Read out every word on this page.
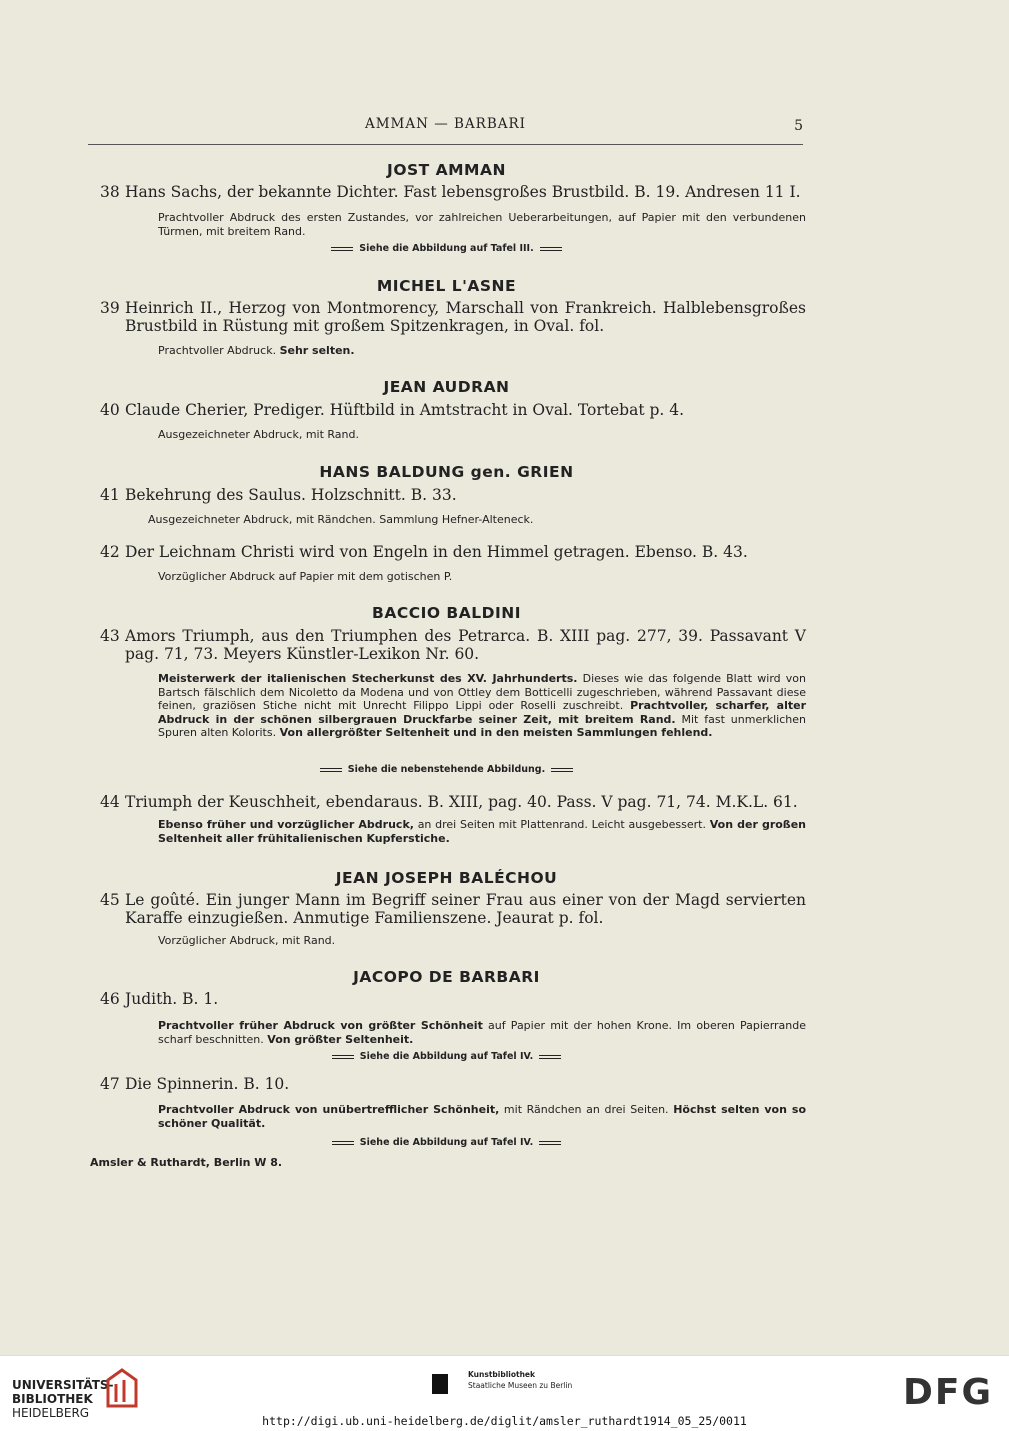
AMMAN — BARBARI	5
JOST AMMAN
38 Hans Sachs, der bekannte Dichter. Fast lebensgroßes Brustbild. B. 19. Andresen 11 I.
Prachtvoller Abdruck des ersten Zustandes, vor zahlreichen Ueberarbeitungen, auf Papier mit den verbundenen Türmen, mit breitem Rand.
Siehe die Abbildung auf Tafel III.
MICHEL L'ASNE
39 Heinrich II., Herzog von Montmorency, Marschall von Frankreich. Halblebensgroßes Brustbild in Rüstung mit großem Spitzenkragen, in Oval. fol.
Prachtvoller Abdruck. Sehr selten.
JEAN AUDRAN
40 Claude Cherier, Prediger. Hüftbild in Amtstracht in Oval. Tortebat p. 4.
Ausgezeichneter Abdruck, mit Rand.
HANS BALDUNG gen. GRIEN
41 Bekehrung des Saulus. Holzschnitt. B. 33.
Ausgezeichneter Abdruck, mit Rändchen. Sammlung Hefner-Alteneck.
42 Der Leichnam Christi wird von Engeln in den Himmel getragen. Ebenso. B. 43.
Vorzüglicher Abdruck auf Papier mit dem gotischen P.
BACCIO BALDINI
43 Amors Triumph, aus den Triumphen des Petrarca. B. XIII pag. 277, 39. Passavant V pag. 71, 73. Meyers Künstler-Lexikon Nr. 60.
Meisterwerk der italienischen Stecherkunst des XV. Jahrhunderts. Dieses wie das folgende Blatt wird von Bartsch fälschlich dem Nicoletto da Modena und von Ottley dem Botticelli zugeschrieben, während Passavant diese feinen, graziösen Stiche nicht mit Unrecht Filippo Lippi oder Roselli zuschreibt. Prachtvoller, scharfer, alter Abdruck in der schönen silbergrauen Druckfarbe seiner Zeit, mit breitem Rand. Mit fast unmerklichen Spuren alten Kolorits. Von allergrößter Seltenheit und in den meisten Sammlungen fehlend.
Siehe die nebenstehende Abbildung.
44 Triumph der Keuschheit, ebendaraus. B. XIII, pag. 40. Pass. V pag. 71, 74. M.K.L. 61.
Ebenso früher und vorzüglicher Abdruck, an drei Seiten mit Plattenrand. Leicht ausgebessert. Von der großen Seltenheit aller frühitalienischen Kupferstiche.
JEAN JOSEPH BALÉCHOU
45 Le goûté. Ein junger Mann im Begriff seiner Frau aus einer von der Magd servierten Karaffe einzugießen. Anmutige Familienszene. Jeaurat p. fol.
Vorzüglicher Abdruck, mit Rand.
JACOPO DE BARBARI
46 Judith. B. 1.
Prachtvoller früher Abdruck von größter Schönheit auf Papier mit der hohen Krone. Im oberen Papierrande scharf beschnitten. Von größter Seltenheit.
Siehe die Abbildung auf Tafel IV.
47 Die Spinnerin. B. 10.
Prachtvoller Abdruck von unübertrefflicher Schönheit, mit Rändchen an drei Seiten. Höchst selten von so schöner Qualität.
Siehe die Abbildung auf Tafel IV.
Amsler & Ruthardt, Berlin W 8.
UNIVERSITÄTS-
BIBLIOTHEK
HEIDELBERG
Kunstbibliothek
Staatliche Museen zu Berlin	DFG
http://digi.ub.uni-heidelberg.de/diglit/amsler_ruthardt1914_05_25/0011
